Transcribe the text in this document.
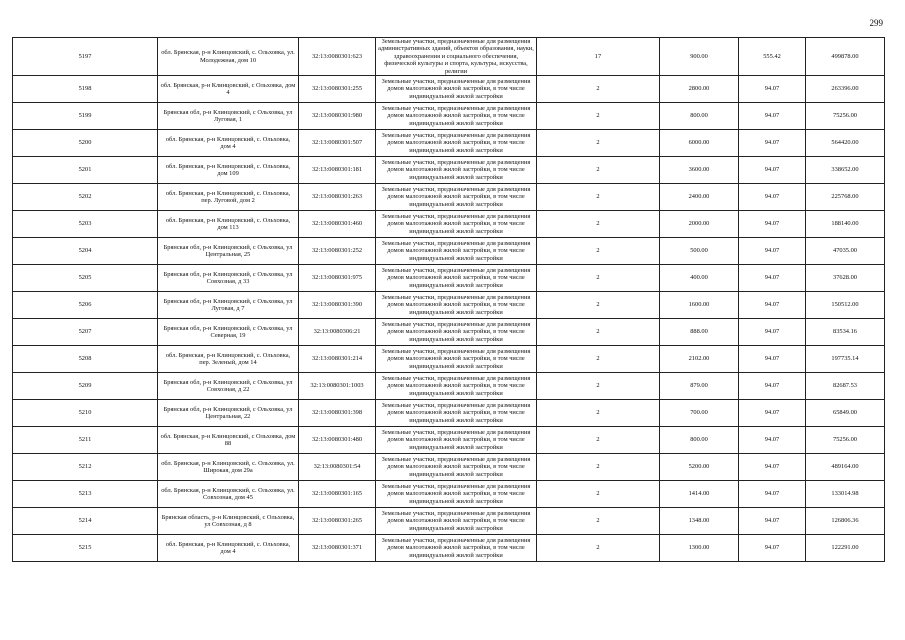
299
5197	обл. Брянская, р-н Клинцовский, с. Ольховка, ул. Молодежная, дом 10	32:13:0080301:623	Земельные участки, предназначенные для размещения административных зданий, объектов образования, науки, здравоохранения и социального обеспечения, физической культуры и спорта, культуры, искусства, религии	17	900.00	555.42	499878.00
5198	обл. Брянская, р-н Клинцовский, с Ольховка, дом 4	32:13:0080301:255	Земельные участки, предназначенные для размещения домов малоэтажной жилой застройки, в том числе индивидуальной жилой застройки	2	2800.00	94.07	263396.00
5199	Брянская обл, р-н Клинцовский, с Ольховка, ул Луговая, 1	32:13:0080301:980	Земельные участки, предназначенные для размещения домов малоэтажной жилой застройки, в том числе индивидуальной жилой застройки	2	800.00	94.07	75256.00
5200	обл. Брянская, р-н Клинцовский, с. Ольховка, дом 4	32:13:0080301:507	Земельные участки, предназначенные для размещения домов малоэтажной жилой застройки, в том числе индивидуальной жилой застройки	2	6000.00	94.07	564420.00
5201	обл. Брянская, р-н Клинцовский, с. Ольховка, дом 109	32:13:0080301:181	Земельные участки, предназначенные для размещения домов малоэтажной жилой застройки, в том числе индивидуальной жилой застройки	2	3600.00	94.07	338652.00
5202	обл. Брянская, р-н Клинцовский, с. Ольховка, пер. Луговой, дом 2	32:13:0080301:263	Земельные участки, предназначенные для размещения домов малоэтажной жилой застройки, в том числе индивидуальной жилой застройки	2	2400.00	94.07	225768.00
5203	обл. Брянская, р-н Клинцовский, с. Ольховка, дом 113	32:13:0080301:460	Земельные участки, предназначенные для размещения домов малоэтажной жилой застройки, в том числе индивидуальной жилой застройки	2	2000.00	94.07	188140.00
5204	Брянская обл, р-н Клинцовский, с Ольховка, ул Центральная, 25	32:13:0080301:252	Земельные участки, предназначенные для размещения домов малоэтажной жилой застройки, в том числе индивидуальной жилой застройки	2	500.00	94.07	47035.00
5205	Брянская обл, р-н Клинцовский, с Ольховка, ул Совхозная, д 33	32:13:0080301:975	Земельные участки, предназначенные для размещения домов малоэтажной жилой застройки, в том числе индивидуальной жилой застройки	2	400.00	94.07	37628.00
5206	Брянская обл, р-н Клинцовский, с Ольховка, ул Луговая, д 7	32:13:0080301:390	Земельные участки, предназначенные для размещения домов малоэтажной жилой застройки, в том числе индивидуальной жилой застройки	2	1600.00	94.07	150512.00
5207	Брянская обл, р-н Клинцовский, с Ольховка, ул Северная, 19	32:13:0080306:21	Земельные участки, предназначенные для размещения домов малоэтажной жилой застройки, в том числе индивидуальной жилой застройки	2	888.00	94.07	83534.16
5208	обл. Брянская, р-н Клинцовский, с. Ольховка, пер. Зеленый, дом 14	32:13:0080301:214	Земельные участки, предназначенные для размещения домов малоэтажной жилой застройки, в том числе индивидуальной жилой застройки	2	2102.00	94.07	197735.14
5209	Брянская обл, р-н Клинцовский, с Ольховка, ул Совхозная, д 22	32:13:0080301:1003	Земельные участки, предназначенные для размещения домов малоэтажной жилой застройки, в том числе индивидуальной жилой застройки	2	879.00	94.07	82687.53
5210	Брянская обл, р-н Клинцовский, с Ольховка, ул Центральная, 22	32:13:0080301:398	Земельные участки, предназначенные для размещения домов малоэтажной жилой застройки, в том числе индивидуальной жилой застройки	2	700.00	94.07	65849.00
5211	обл. Брянская, р-н Клинцовский, с Ольховка, дом 88	32:13:0080301:480	Земельные участки, предназначенные для размещения домов малоэтажной жилой застройки, в том числе индивидуальной жилой застройки	2	800.00	94.07	75256.00
5212	обл. Брянская, р-н Клинцовский, с. Ольховка, ул. Широкая, дом 29а	32:13:0080301:54	Земельные участки, предназначенные для размещения домов малоэтажной жилой застройки, в том числе индивидуальной жилой застройки	2	5200.00	94.07	489164.00
5213	обл. Брянская, р-н Клинцовский, с. Ольховка, ул. Совхозная, дом 45	32:13:0080301:165	Земельные участки, предназначенные для размещения домов малоэтажной жилой застройки, в том числе индивидуальной жилой застройки	2	1414.00	94.07	133014.98
5214	Брянская область, р-н Клинцовский, с Ольховка, ул Совхозная, д 8	32:13:0080301:265	Земельные участки, предназначенные для размещения домов малоэтажной жилой застройки, в том числе индивидуальной жилой застройки	2	1348.00	94.07	126806.36
5215	обл. Брянская, р-н Клинцовский, с. Ольховка, дом 4	32:13:0080301:371	Земельные участки, предназначенные для размещения домов малоэтажной жилой застройки, в том числе индивидуальной жилой застройки	2	1300.00	94.07	122291.00
